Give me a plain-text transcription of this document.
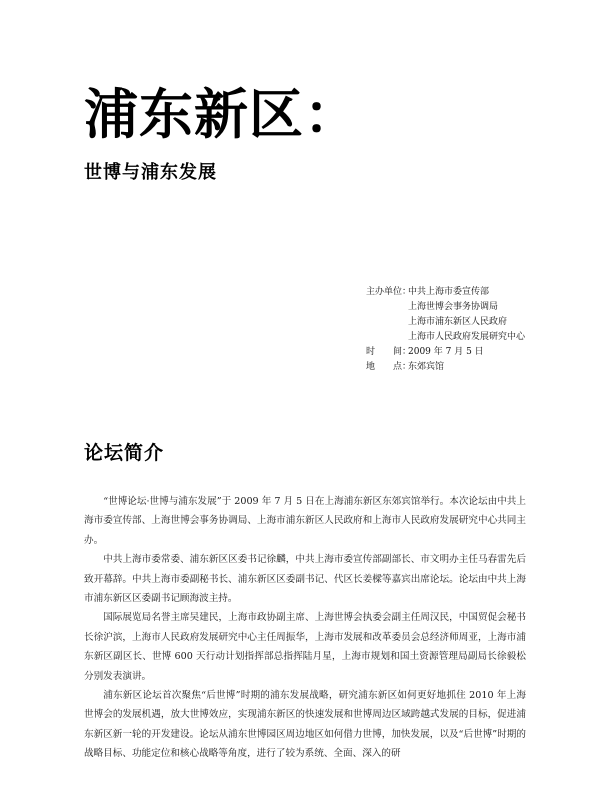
浦东新区：
世博与浦东发展
主办单位：
中共上海市委宣传部
上海世博会事务协调局
上海市浦东新区人民政府
上海市人民政府发展研究中心
时　　间：
2009 年 7 月 5 日
地　　点：
东郊宾馆
论坛简介

“世博论坛·世博与浦东发展”于 2009 年 7 月 5 日在上海浦东新区东郊宾馆举行。本次论坛由中共上海市委宣传部、上海世博会事务协调局、上海市浦东新区人民政府和上海市人民政府发展研究中心共同主办。

中共上海市委常委、浦东新区区委书记徐麟，中共上海市委宣传部副部长、市文明办主任马春雷先后致开幕辞。中共上海市委副秘书长、浦东新区区委副书记、代区长姜樑等嘉宾出席论坛。论坛由中共上海市浦东新区区委副书记顾海波主持。

国际展览局名誉主席吴建民，上海市政协副主席、上海世博会执委会副主任周汉民，中国贸促会秘书长徐沪滨，上海市人民政府发展研究中心主任周振华，上海市发展和改革委员会总经济师周亚，上海市浦东新区副区长、世博 600 天行动计划指挥部总指挥陆月星，上海市规划和国土资源管理局副局长徐毅松分别发表演讲。

浦东新区论坛首次聚焦“后世博”时期的浦东发展战略，研究浦东新区如何更好地抓住 2010 年上海世博会的发展机遇，放大世博效应，实现浦东新区的快速发展和世博周边区域跨越式发展的目标，促进浦东新区新一轮的开发建设。论坛从浦东世博园区周边地区如何借力世博，加快发展，以及“后世博”时期的战略目标、功能定位和核心战略等角度，进行了较为系统、全面、深入的研
